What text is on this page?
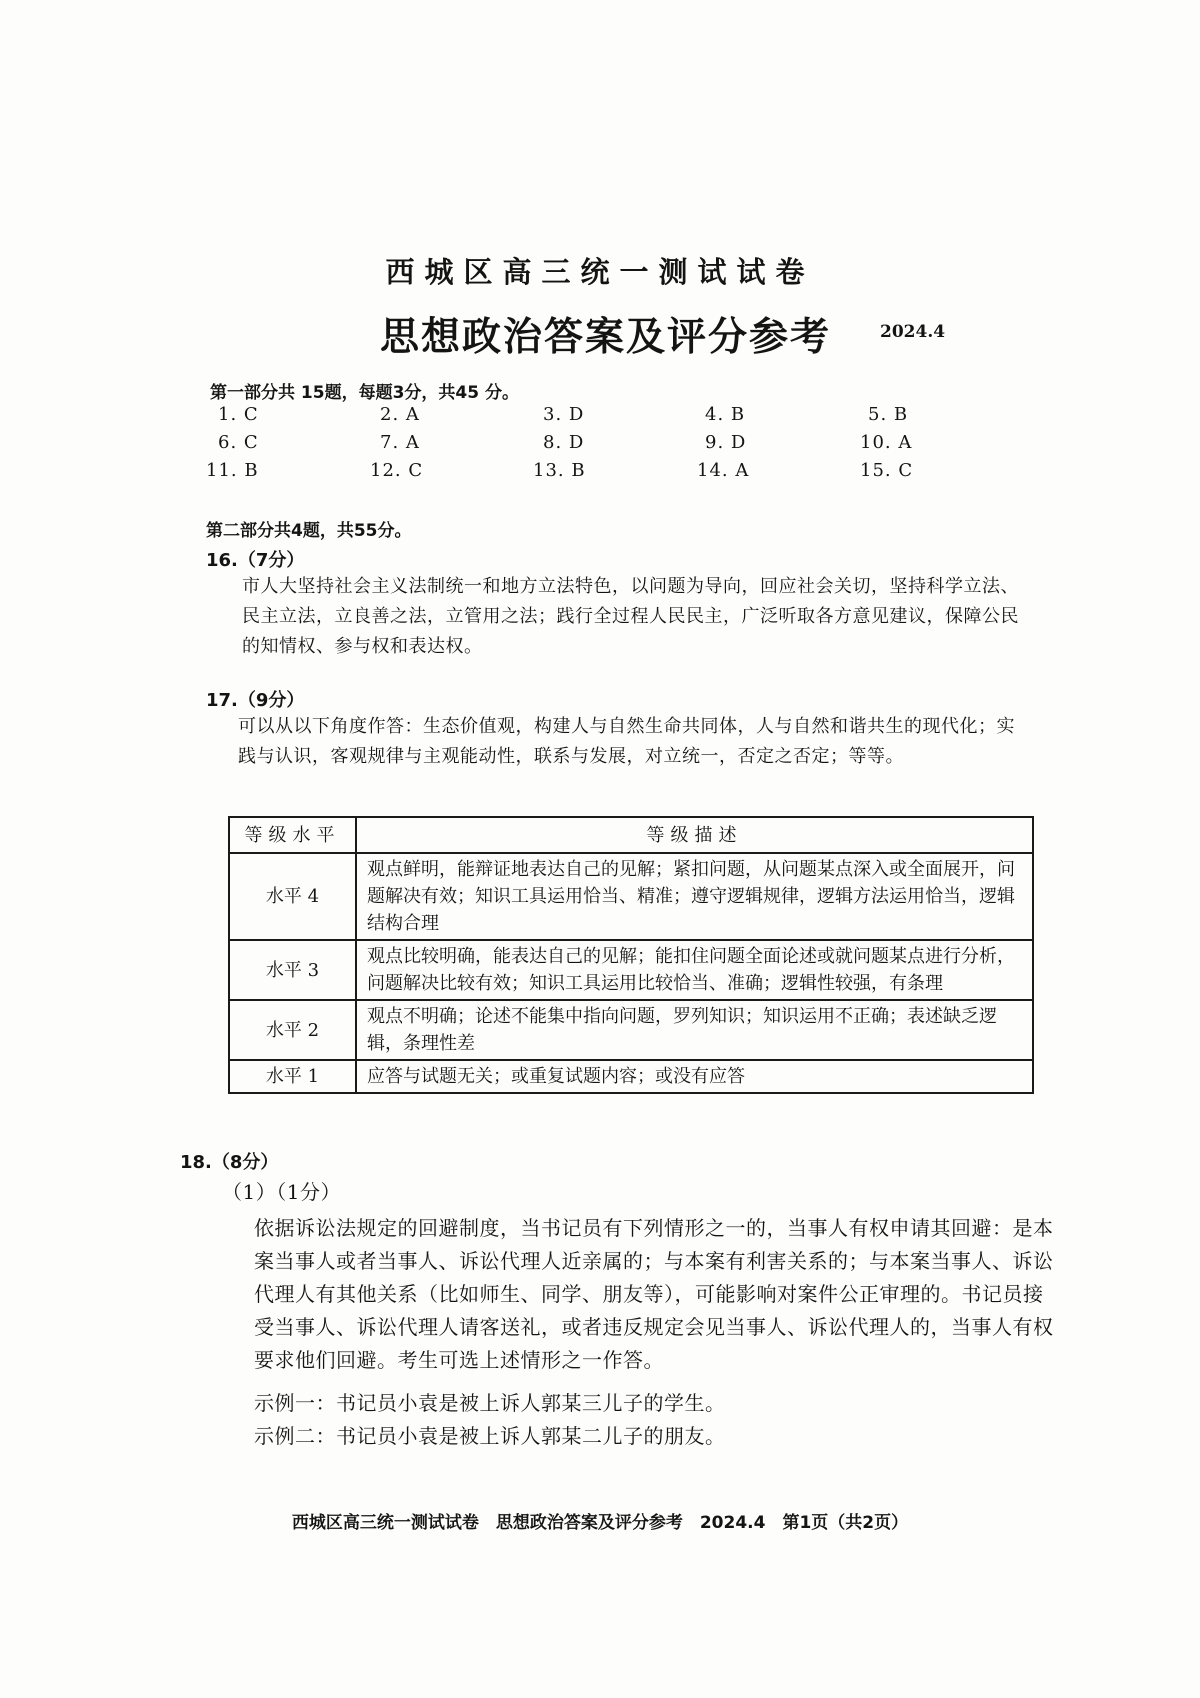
西城区高三统一测试试卷
思想政治答案及评分参考	2024.4
第一部分共 15题，每题3分，共45 分。
1. C	2. A	3. D	4. B	5. B
6. C	7. A	8. D	9. D	10. A
11. B	12. C	13. B	14. A	15. C
第二部分共4题，共55分。
16.（7分）
市人大坚持社会主义法制统一和地方立法特色，以问题为导向，回应社会关切，坚持科学立法、民主立法，立良善之法，立管用之法；践行全过程人民民主，广泛听取各方意见建议，保障公民的知情权、参与权和表达权。
17.（9分）
可以从以下角度作答：生态价值观，构建人与自然生命共同体，人与自然和谐共生的现代化；实践与认识，客观规律与主观能动性，联系与发展，对立统一，否定之否定；等等。
等级水平	等级描述
水平 4	观点鲜明，能辩证地表达自己的见解；紧扣问题，从问题某点深入或全面展开，问题解决有效；知识工具运用恰当、精准；遵守逻辑规律，逻辑方法运用恰当，逻辑结构合理
水平 3	观点比较明确，能表达自己的见解；能扣住问题全面论述或就问题某点进行分析，问题解决比较有效；知识工具运用比较恰当、准确；逻辑性较强，有条理
水平 2	观点不明确；论述不能集中指向问题，罗列知识；知识运用不正确；表述缺乏逻辑，条理性差
水平 1	应答与试题无关；或重复试题内容；或没有应答
18.（8分）
（1）（1分）
依据诉讼法规定的回避制度，当书记员有下列情形之一的，当事人有权申请其回避：是本案当事人或者当事人、诉讼代理人近亲属的；与本案有利害关系的；与本案当事人、诉讼代理人有其他关系（比如师生、同学、朋友等），可能影响对案件公正审理的。书记员接受当事人、诉讼代理人请客送礼，或者违反规定会见当事人、诉讼代理人的，当事人有权要求他们回避。考生可选上述情形之一作答。
示例一：书记员小袁是被上诉人郭某三儿子的学生。
示例二：书记员小袁是被上诉人郭某二儿子的朋友。
西城区高三统一测试试卷　思想政治答案及评分参考　2024.4　第1页（共2页）
